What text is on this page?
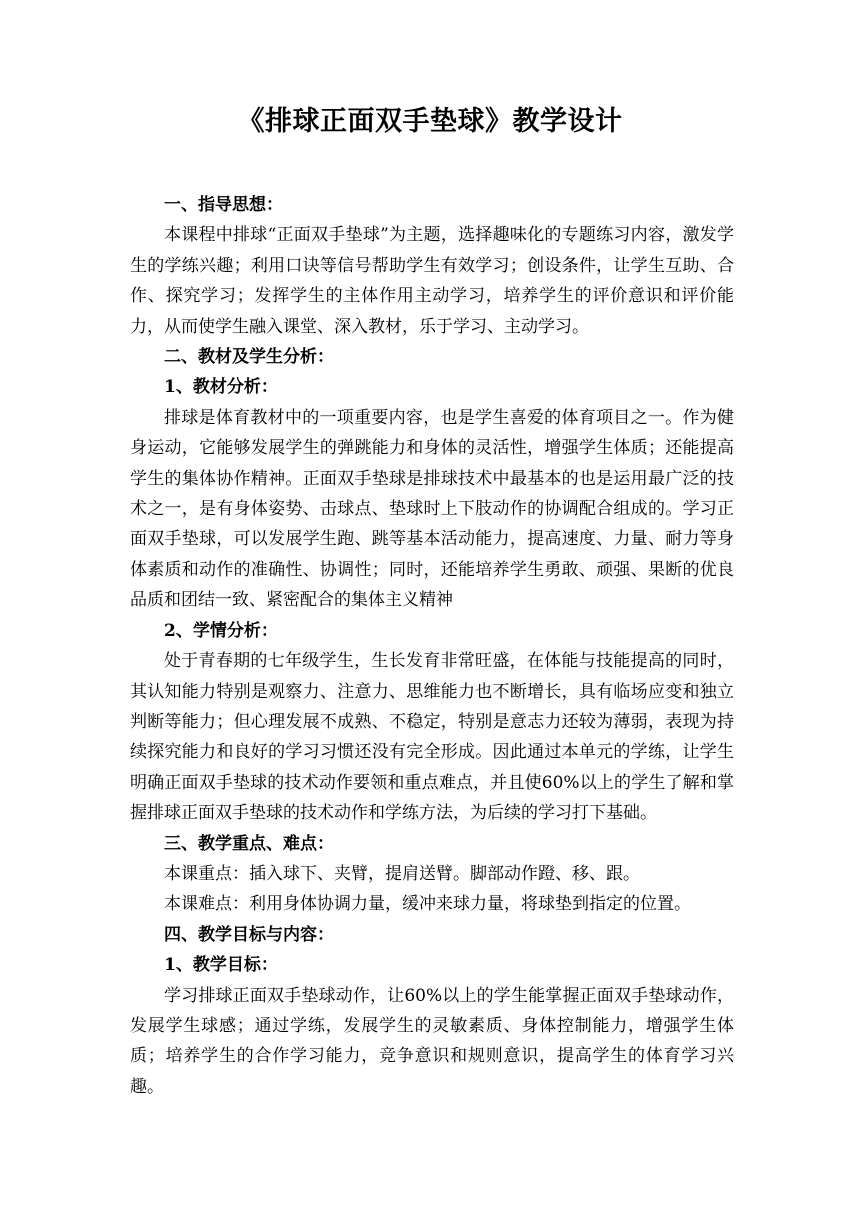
《排球正面双手垫球》教学设计

一、指导思想：

本课程中排球“正面双手垫球”为主题，选择趣味化的专题练习内容，激发学生的学练兴趣；利用口诀等信号帮助学生有效学习；创设条件，让学生互助、合作、探究学习；发挥学生的主体作用主动学习，培养学生的评价意识和评价能力，从而使学生融入课堂、深入教材，乐于学习、主动学习。

二、教材及学生分析：

1、教材分析：

排球是体育教材中的一项重要内容，也是学生喜爱的体育项目之一。作为健身运动，它能够发展学生的弹跳能力和身体的灵活性，增强学生体质；还能提高学生的集体协作精神。正面双手垫球是排球技术中最基本的也是运用最广泛的技术之一，是有身体姿势、击球点、垫球时上下肢动作的协调配合组成的。学习正面双手垫球，可以发展学生跑、跳等基本活动能力，提高速度、力量、耐力等身体素质和动作的准确性、协调性；同时，还能培养学生勇敢、顽强、果断的优良品质和团结一致、紧密配合的集体主义精神

2、学情分析：

处于青春期的七年级学生，生长发育非常旺盛，在体能与技能提高的同时，其认知能力特别是观察力、注意力、思维能力也不断增长，具有临场应变和独立判断等能力；但心理发展不成熟、不稳定，特别是意志力还较为薄弱，表现为持续探究能力和良好的学习习惯还没有完全形成。因此通过本单元的学练，让学生明确正面双手垫球的技术动作要领和重点难点，并且使60%以上的学生了解和掌握排球正面双手垫球的技术动作和学练方法，为后续的学习打下基础。

三、教学重点、难点：

本课重点：插入球下、夹臂，提肩送臂。脚部动作蹬、移、跟。

本课难点：利用身体协调力量，缓冲来球力量，将球垫到指定的位置。

四、教学目标与内容：

1、教学目标：

学习排球正面双手垫球动作，让60%以上的学生能掌握正面双手垫球动作，发展学生球感；通过学练，发展学生的灵敏素质、身体控制能力，增强学生体质；培养学生的合作学习能力，竞争意识和规则意识，提高学生的体育学习兴趣。
